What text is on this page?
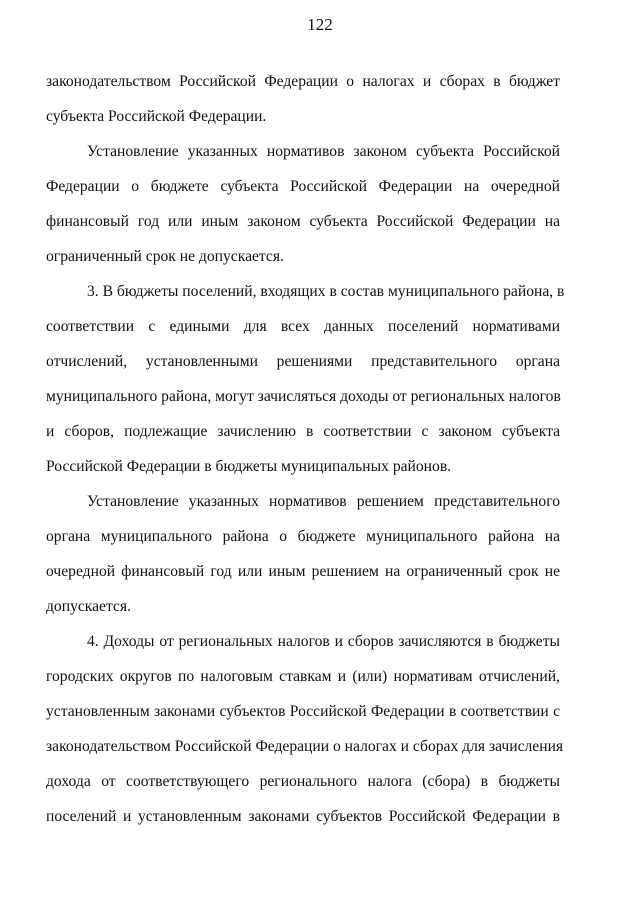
122
законодательством Российской Федерации о налогах и сборах в бюджет
субъекта Российской Федерации.
Установление указанных нормативов законом субъекта Российской
Федерации о бюджете субъекта Российской Федерации на очередной
финансовый год или иным законом субъекта Российской Федерации на
ограниченный срок не допускается.
3. В бюджеты поселений, входящих в состав муниципального района, в
соответствии с едиными для всех данных поселений нормативами
отчислений, установленными решениями представительного органа
муниципального района, могут зачисляться доходы от региональных налогов
и сборов, подлежащие зачислению в соответствии с законом субъекта
Российской Федерации в бюджеты муниципальных районов.
Установление указанных нормативов решением представительного
органа муниципального района о бюджете муниципального района на
очередной финансовый год или иным решением на ограниченный срок не
допускается.
4. Доходы от региональных налогов и сборов зачисляются в бюджеты
городских округов по налоговым ставкам и (или) нормативам отчислений,
установленным законами субъектов Российской Федерации в соответствии с
законодательством Российской Федерации о налогах и сборах для зачисления
дохода от соответствующего регионального налога (сбора) в бюджеты
поселений и установленным законами субъектов Российской Федерации в
